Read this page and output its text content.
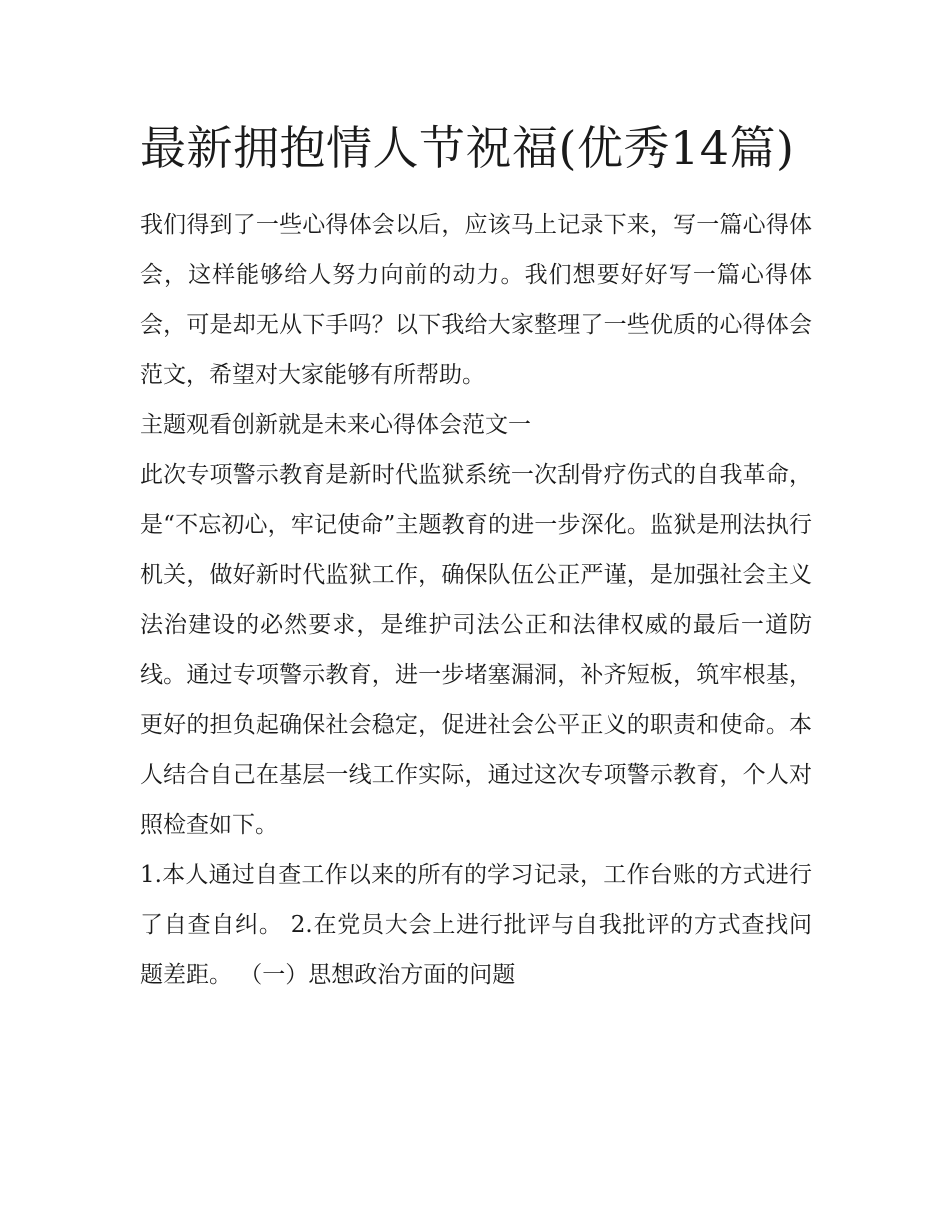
最新拥抱情人节祝福(优秀14篇)

我们得到了一些心得体会以后，应该马上记录下来，写一篇心得体会，这样能够给人努力向前的动力。我们想要好好写一篇心得体会，可是却无从下手吗？以下我给大家整理了一些优质的心得体会范文，希望对大家能够有所帮助。

主题观看创新就是未来心得体会范文一

此次专项警示教育是新时代监狱系统一次刮骨疗伤式的自我革命，是“不忘初心，牢记使命”主题教育的进一步深化。监狱是刑法执行机关，做好新时代监狱工作，确保队伍公正严谨，是加强社会主义法治建设的必然要求，是维护司法公正和法律权威的最后一道防线。通过专项警示教育，进一步堵塞漏洞，补齐短板，筑牢根基，更好的担负起确保社会稳定，促进社会公平正义的职责和使命。本人结合自己在基层一线工作实际，通过这次专项警示教育，个人对照检查如下。

1.本人通过自查工作以来的所有的学习记录，工作台账的方式进行了自查自纠。 2.在党员大会上进行批评与自我批评的方式查找问题差距。 （一）思想政治方面的问题
